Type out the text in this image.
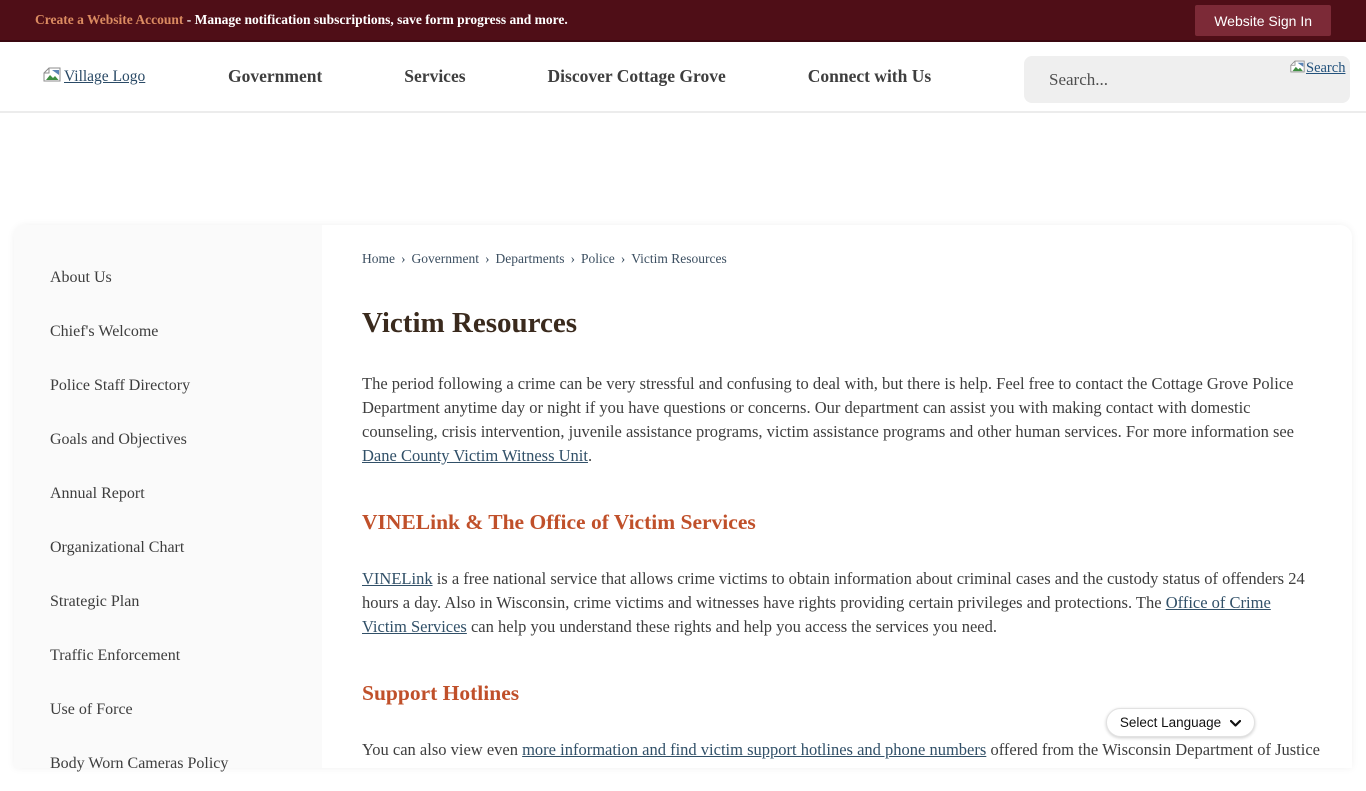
Create a Website Account - Manage notification subscriptions, save form progress and more.	Website Sign In
Village Logo	Government	Services	Discover Cottage Grove	Connect with Us
Search...	Search
About Us
Chief's Welcome
Police Staff Directory
Goals and Objectives
Annual Report
Organizational Chart
Strategic Plan
Traffic Enforcement
Use of Force
Body Worn Cameras Policy
Home › Government › Departments › Police › Victim Resources
Victim Resources

The period following a crime can be very stressful and confusing to deal with, but there is help. Feel free to contact the Cottage Grove Police Department anytime day or night if you have questions or concerns. Our department can assist you with making contact with domestic counseling, crisis intervention, juvenile assistance programs, victim assistance programs and other human services. For more information see Dane County Victim Witness Unit.

VINELink & The Office of Victim Services

VINELink is a free national service that allows crime victims to obtain information about criminal cases and the custody status of offenders 24 hours a day. Also in Wisconsin, crime victims and witnesses have rights providing certain privileges and protections. The Office of Crime Victim Services can help you understand these rights and help you access the services you need.

Support Hotlines

You can also view even more information and find victim support hotlines and phone numbers offered from the Wisconsin Department of Justice

Select Language
